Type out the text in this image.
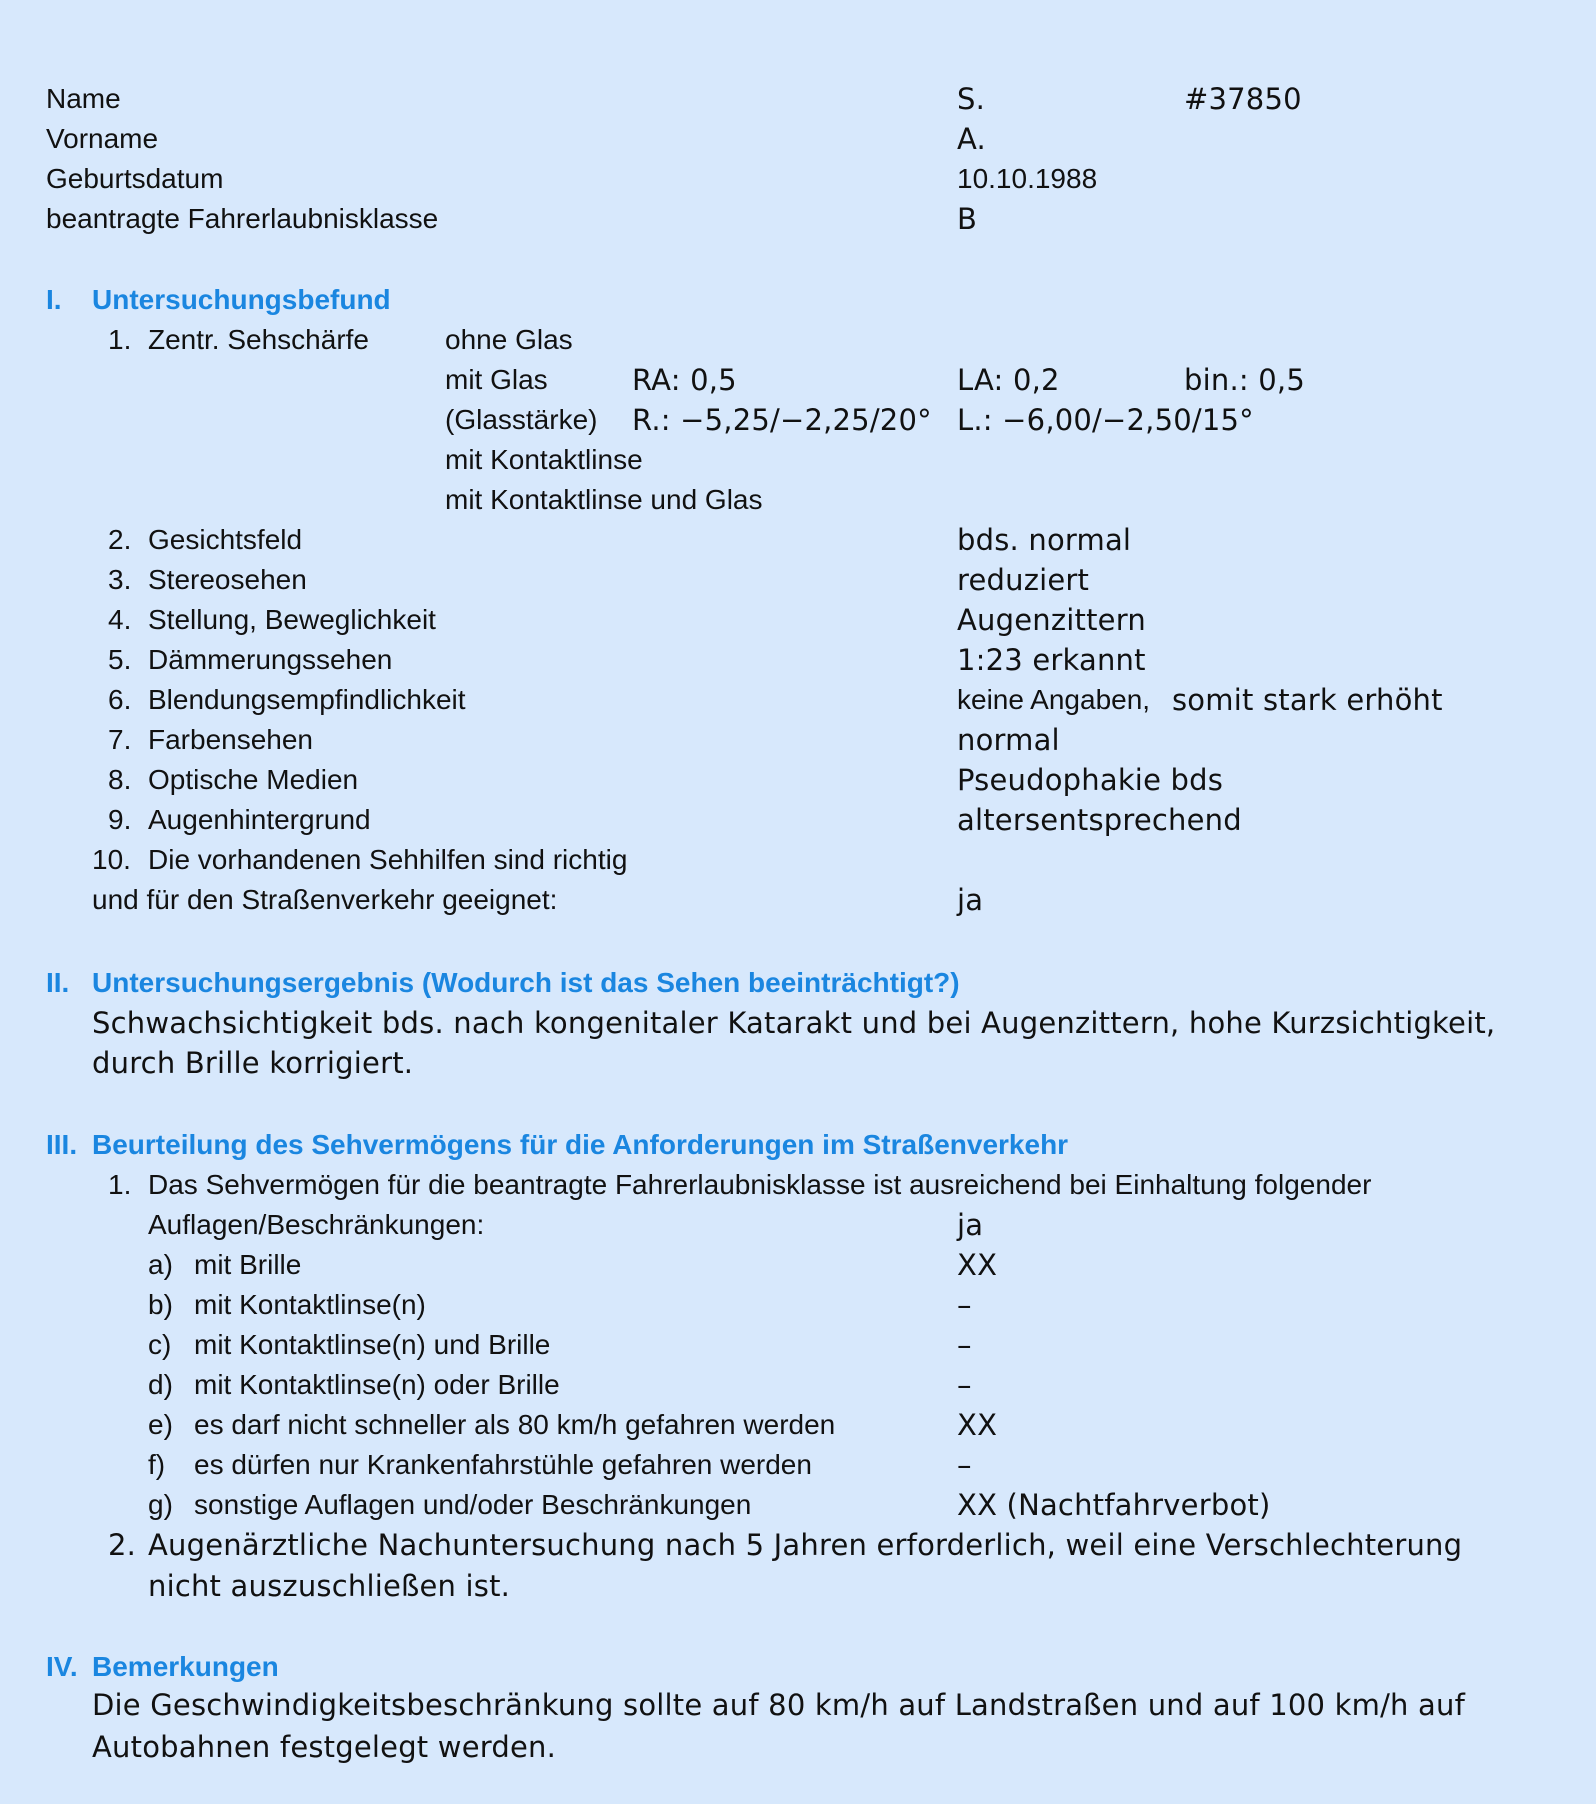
Name	S.	#37850
Vorname	A.
Geburtsdatum	10.10.1988
beantragte Fahrerlaubnisklasse	B
I. Untersuchungsbefund
1. Zentr. Sehschärfe	ohne Glas
mit Glas	RA: 0,5	LA: 0,2	bin.: 0,5
(Glasstärke) R.: −5,25/−2,25/20° L.: −6,00/−2,50/15°
mit Kontaktlinse
mit Kontaktlinse und Glas
2. Gesichtsfeld	bds. normal
3. Stereosehen	reduziert
4. Stellung, Beweglichkeit	Augenzittern
5. Dämmerungssehen	1:23 erkannt
6. Blendungsempfindlichkeit	keine Angaben, somit stark erhöht
7. Farbensehen	normal
8. Optische Medien	Pseudophakie bds
9. Augenhintergrund	altersentsprechend
10. Die vorhandenen Sehhilfen sind richtig
und für den Straßenverkehr geeignet:	ja
II. Untersuchungsergebnis (Wodurch ist das Sehen beeinträchtigt?)
Schwachsichtigkeit bds. nach kongenitaler Katarakt und bei Augenzittern, hohe Kurzsichtigkeit, durch Brille korrigiert.
III. Beurteilung des Sehvermögens für die Anforderungen im Straßenverkehr
1. Das Sehvermögen für die beantragte Fahrerlaubnisklasse ist ausreichend bei Einhaltung folgender
Auflagen/Beschränkungen:	ja
a) mit Brille	XX
b) mit Kontaktlinse(n)	–
c) mit Kontaktlinse(n) und Brille	–
d) mit Kontaktlinse(n) oder Brille	–
e) es darf nicht schneller als 80 km/h gefahren werden	XX
f) es dürfen nur Krankenfahrstühle gefahren werden	–
g) sonstige Auflagen und/oder Beschränkungen	XX (Nachtfahrverbot)
2. Augenärztliche Nachuntersuchung nach 5 Jahren erforderlich, weil eine Verschlechterung
nicht auszuschließen ist.
IV. Bemerkungen
Die Geschwindigkeitsbeschränkung sollte auf 80 km/h auf Landstraßen und auf 100 km/h auf
Autobahnen festgelegt werden.
